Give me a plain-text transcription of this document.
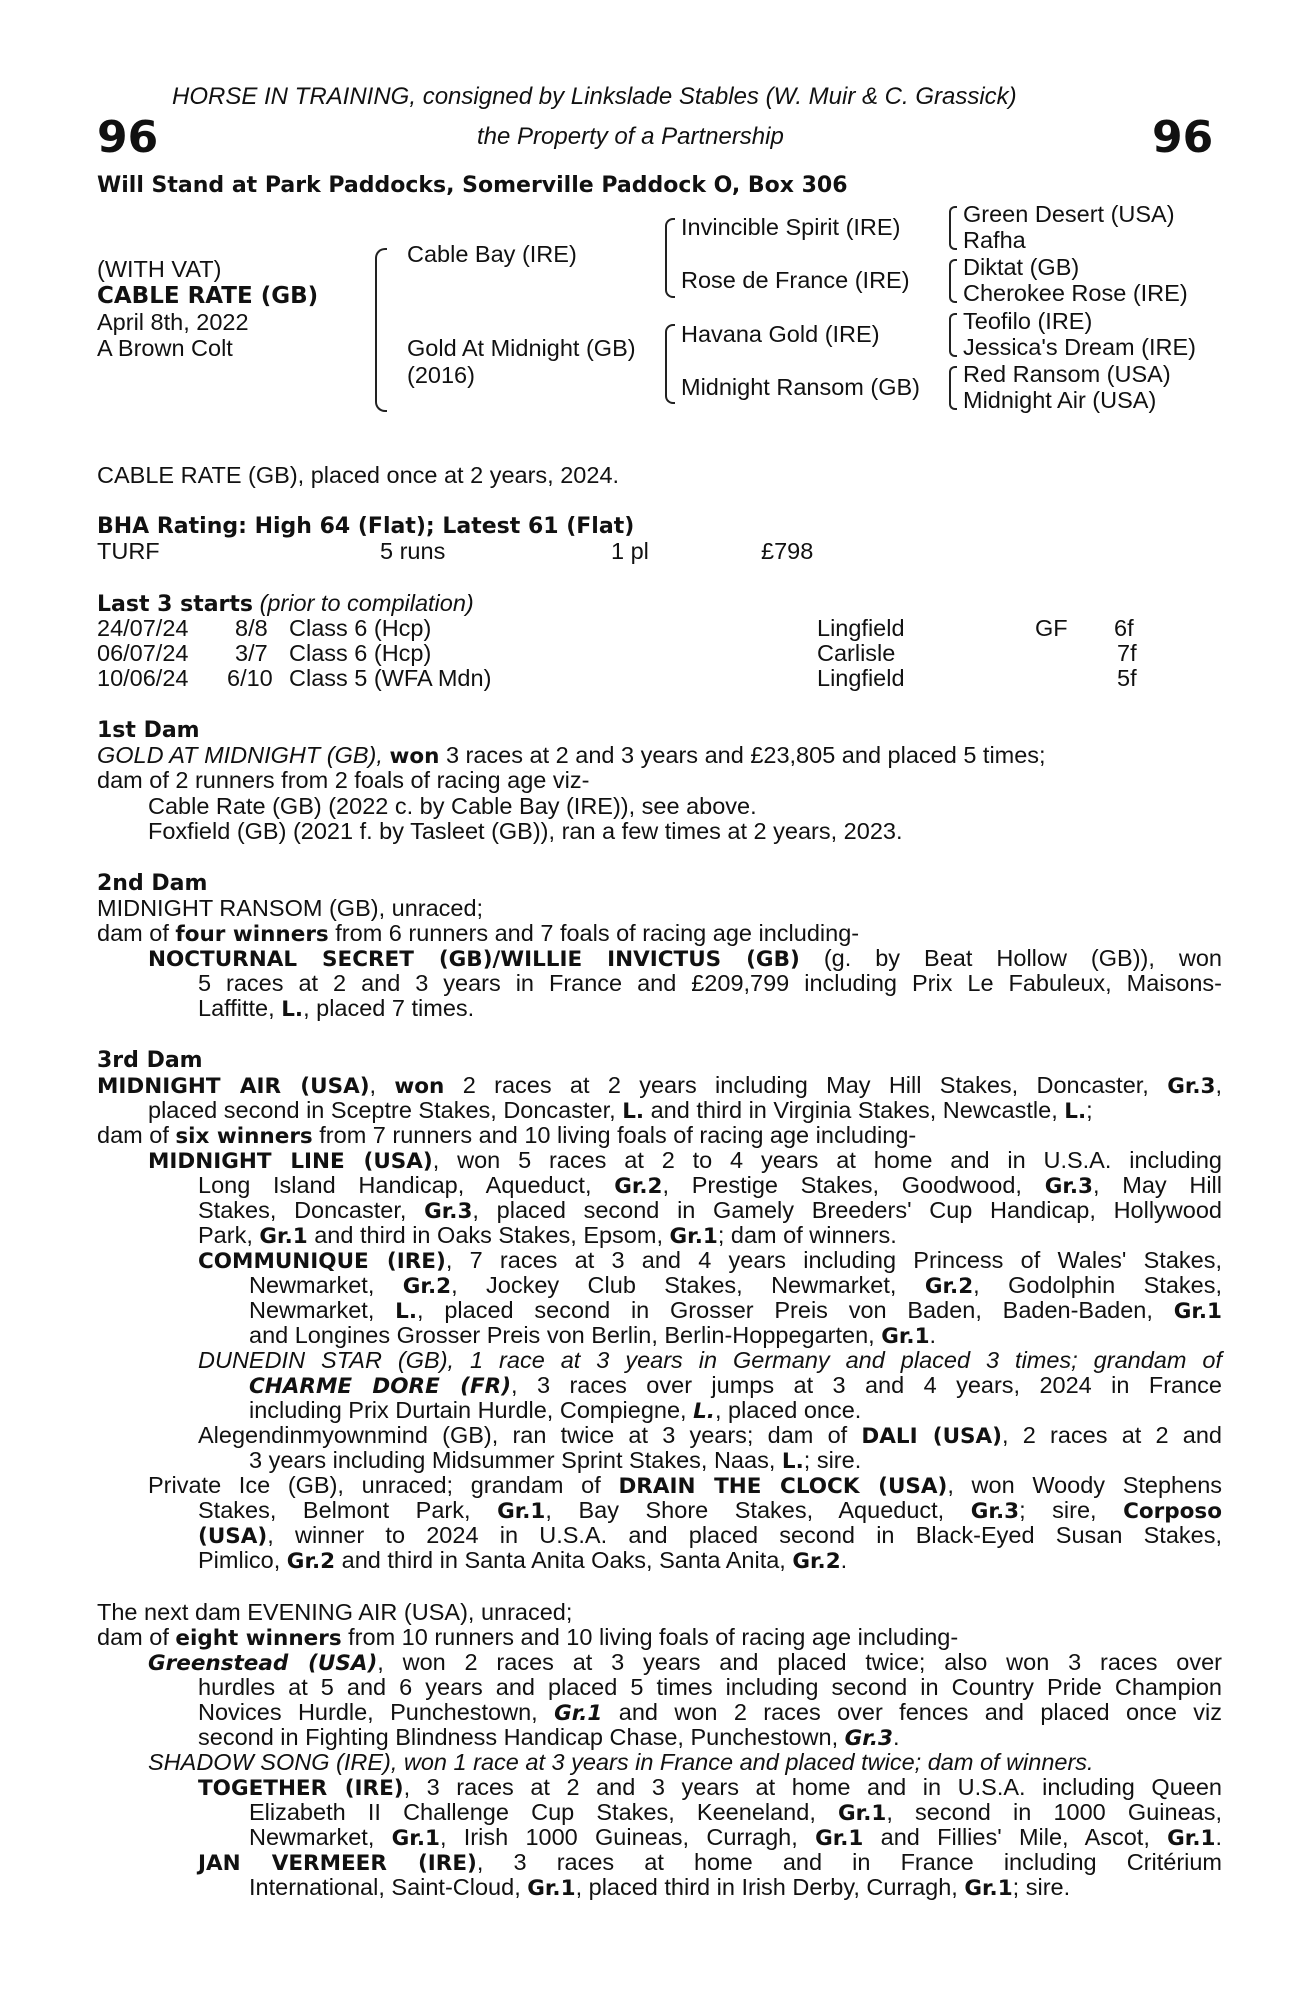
HORSE IN TRAINING, consigned by Linkslade Stables (W. Muir & C. Grassick)
96	the Property of a Partnership	96
Will Stand at Park Paddocks, Somerville Paddock O, Box 306
(WITH VAT)
CABLE RATE (GB)
April 8th, 2022
A Brown Colt
Cable Bay (IRE)
Gold At Midnight (GB)
(2016)
Invincible Spirit (IRE)
Rose de France (IRE)
Havana Gold (IRE)
Midnight Ransom (GB)
Green Desert (USA)
Rafha
Diktat (GB)
Cherokee Rose (IRE)
Teofilo (IRE)
Jessica's Dream (IRE)
Red Ransom (USA)
Midnight Air (USA)
CABLE RATE (GB), placed once at 2 years, 2024.
BHA Rating: High 64 (Flat); Latest 61 (Flat)
TURF	5 runs	1 pl	£798
Last 3 starts (prior to compilation)
24/07/24 8/8 Class 6 (Hcp)	Lingfield	GF 6f
06/07/24 3/7 Class 6 (Hcp)	Carlisle	7f
10/06/24 6/10 Class 5 (WFA Mdn)	Lingfield	5f
1st Dam
GOLD AT MIDNIGHT (GB), won 3 races at 2 and 3 years and £23,805 and placed 5 times;
dam of 2 runners from 2 foals of racing age viz-
Cable Rate (GB) (2022 c. by Cable Bay (IRE)), see above.
Foxfield (GB) (2021 f. by Tasleet (GB)), ran a few times at 2 years, 2023.
2nd Dam
MIDNIGHT RANSOM (GB), unraced;
dam of four winners from 6 runners and 7 foals of racing age including-
NOCTURNAL SECRET (GB)/WILLIE INVICTUS (GB) (g. by Beat Hollow (GB)), won
5 races at 2 and 3 years in France and £209,799 including Prix Le Fabuleux, Maisons-
Laffitte, L., placed 7 times.
3rd Dam
MIDNIGHT AIR (USA), won 2 races at 2 years including May Hill Stakes, Doncaster, Gr.3,
placed second in Sceptre Stakes, Doncaster, L. and third in Virginia Stakes, Newcastle, L.;
dam of six winners from 7 runners and 10 living foals of racing age including-
MIDNIGHT LINE (USA), won 5 races at 2 to 4 years at home and in U.S.A. including
Long Island Handicap, Aqueduct, Gr.2, Prestige Stakes, Goodwood, Gr.3, May Hill
Stakes, Doncaster, Gr.3, placed second in Gamely Breeders' Cup Handicap, Hollywood
Park, Gr.1 and third in Oaks Stakes, Epsom, Gr.1; dam of winners.
COMMUNIQUE (IRE), 7 races at 3 and 4 years including Princess of Wales' Stakes,
Newmarket, Gr.2, Jockey Club Stakes, Newmarket, Gr.2, Godolphin Stakes,
Newmarket, L., placed second in Grosser Preis von Baden, Baden-Baden, Gr.1
and Longines Grosser Preis von Berlin, Berlin-Hoppegarten, Gr.1.
DUNEDIN STAR (GB), 1 race at 3 years in Germany and placed 3 times; grandam of
CHARME DORE (FR), 3 races over jumps at 3 and 4 years, 2024 in France
including Prix Durtain Hurdle, Compiegne, L., placed once.
Alegendinmyownmind (GB), ran twice at 3 years; dam of DALI (USA), 2 races at 2 and
3 years including Midsummer Sprint Stakes, Naas, L.; sire.
Private Ice (GB), unraced; grandam of DRAIN THE CLOCK (USA), won Woody Stephens
Stakes, Belmont Park, Gr.1, Bay Shore Stakes, Aqueduct, Gr.3; sire, Corposo
(USA), winner to 2024 in U.S.A. and placed second in Black-Eyed Susan Stakes,
Pimlico, Gr.2 and third in Santa Anita Oaks, Santa Anita, Gr.2.
The next dam EVENING AIR (USA), unraced;
dam of eight winners from 10 runners and 10 living foals of racing age including-
Greenstead (USA), won 2 races at 3 years and placed twice; also won 3 races over
hurdles at 5 and 6 years and placed 5 times including second in Country Pride Champion
Novices Hurdle, Punchestown, Gr.1 and won 2 races over fences and placed once viz
second in Fighting Blindness Handicap Chase, Punchestown, Gr.3.
SHADOW SONG (IRE), won 1 race at 3 years in France and placed twice; dam of winners.
TOGETHER (IRE), 3 races at 2 and 3 years at home and in U.S.A. including Queen
Elizabeth II Challenge Cup Stakes, Keeneland, Gr.1, second in 1000 Guineas,
Newmarket, Gr.1, Irish 1000 Guineas, Curragh, Gr.1 and Fillies' Mile, Ascot, Gr.1.
JAN VERMEER (IRE), 3 races at home and in France including Critérium
International, Saint-Cloud, Gr.1, placed third in Irish Derby, Curragh, Gr.1; sire.
